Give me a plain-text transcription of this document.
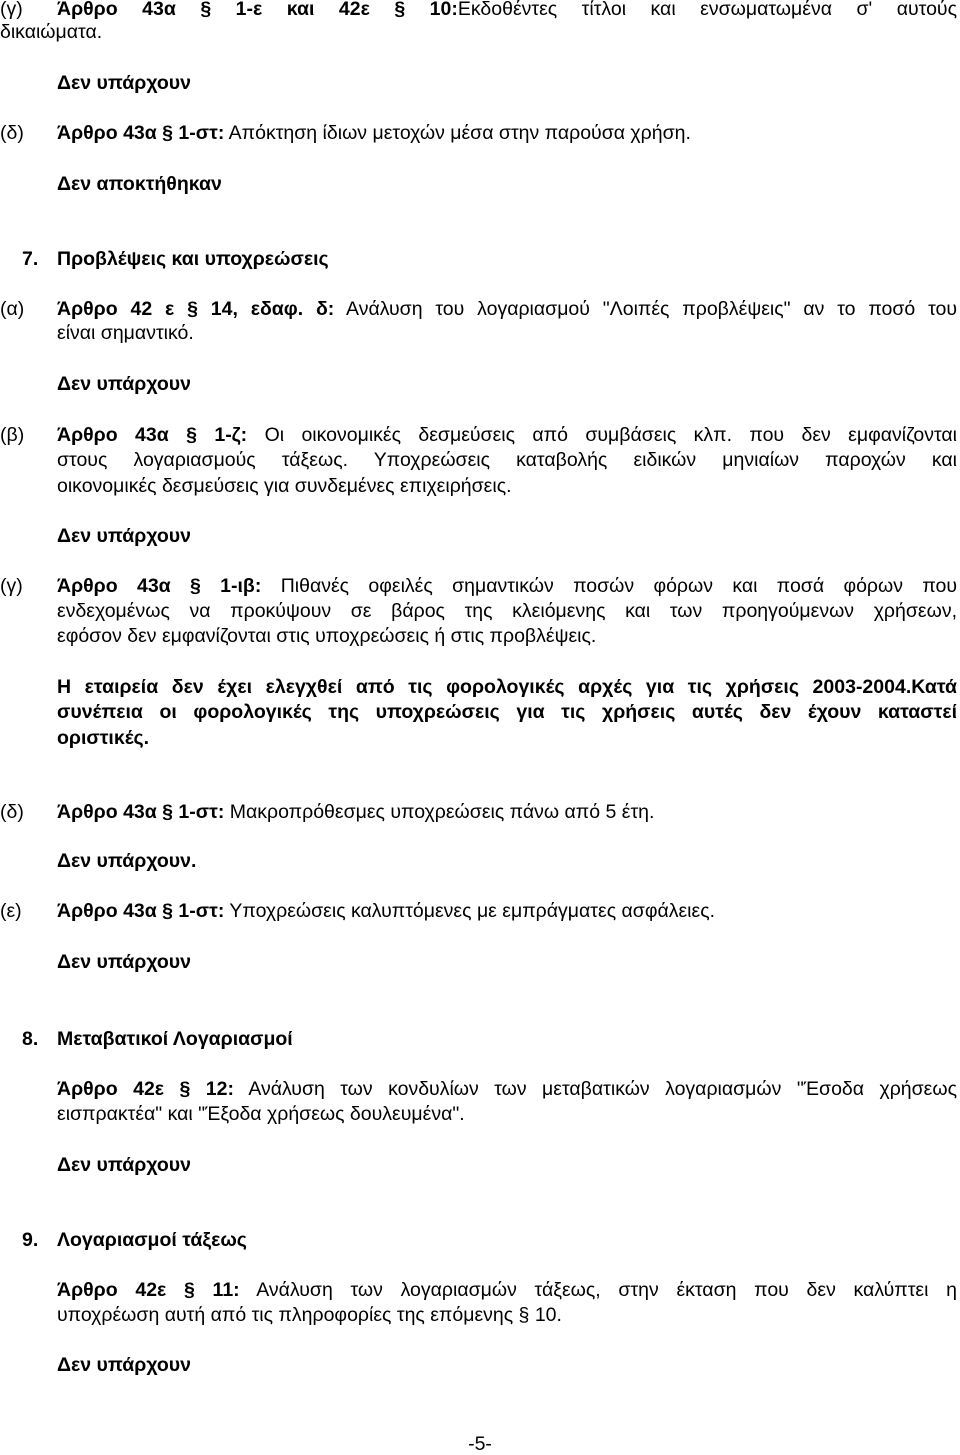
(γ) Άρθρο 43α § 1-ε και 42ε § 10:Εκδοθέντες τίτλοι και ενσωματωμένα σ' αυτούς
δικαιώματα.
Δεν υπάρχουν
(δ) Άρθρο 43α § 1-στ: Απόκτηση ίδιων μετοχών μέσα στην παρούσα χρήση.
Δεν αποκτήθηκαν
7. Προβλέψεις και υποχρεώσεις
(α) Άρθρο 42 ε § 14, εδαφ. δ: Ανάλυση του λογαριασμού "Λοιπές προβλέψεις" αν το ποσό του
είναι σημαντικό.
Δεν υπάρχουν
(β) Άρθρο 43α § 1-ζ: Οι οικονομικές δεσμεύσεις από συμβάσεις κλπ. που δεν εμφανίζονται
στους λογαριασμούς τάξεως. Υποχρεώσεις καταβολής ειδικών μηνιαίων παροχών και
οικονομικές δεσμεύσεις για συνδεμένες επιχειρήσεις.
Δεν υπάρχουν
(γ) Άρθρο 43α § 1-ιβ: Πιθανές οφειλές σημαντικών ποσών φόρων και ποσά φόρων που
ενδεχομένως να προκύψουν σε βάρος της κλειόμενης και των προηγούμενων χρήσεων,
εφόσον δεν εμφανίζονται στις υποχρεώσεις ή στις προβλέψεις.
Η εταιρεία δεν έχει ελεγχθεί από τις φορολογικές αρχές για τις χρήσεις 2003-2004.Κατά
συνέπεια οι φορολογικές της υποχρεώσεις για τις χρήσεις αυτές δεν έχουν καταστεί
οριστικές.
(δ) Άρθρο 43α § 1-στ: Μακροπρόθεσμες υποχρεώσεις πάνω από 5 έτη.
Δεν υπάρχουν.
(ε) Άρθρο 43α § 1-στ: Υποχρεώσεις καλυπτόμενες με εμπράγματες ασφάλειες.
Δεν υπάρχουν
8. Μεταβατικοί Λογαριασμοί
Άρθρο 42ε § 12: Ανάλυση των κονδυλίων των μεταβατικών λογαριασμών "Έσοδα χρήσεως
εισπρακτέα" και "Έξοδα χρήσεως δουλευμένα".
Δεν υπάρχουν
9. Λογαριασμοί τάξεως
Άρθρο 42ε § 11: Ανάλυση των λογαριασμών τάξεως, στην έκταση που δεν καλύπτει η
υποχρέωση αυτή από τις πληροφορίες της επόμενης § 10.
Δεν υπάρχουν
-5-
